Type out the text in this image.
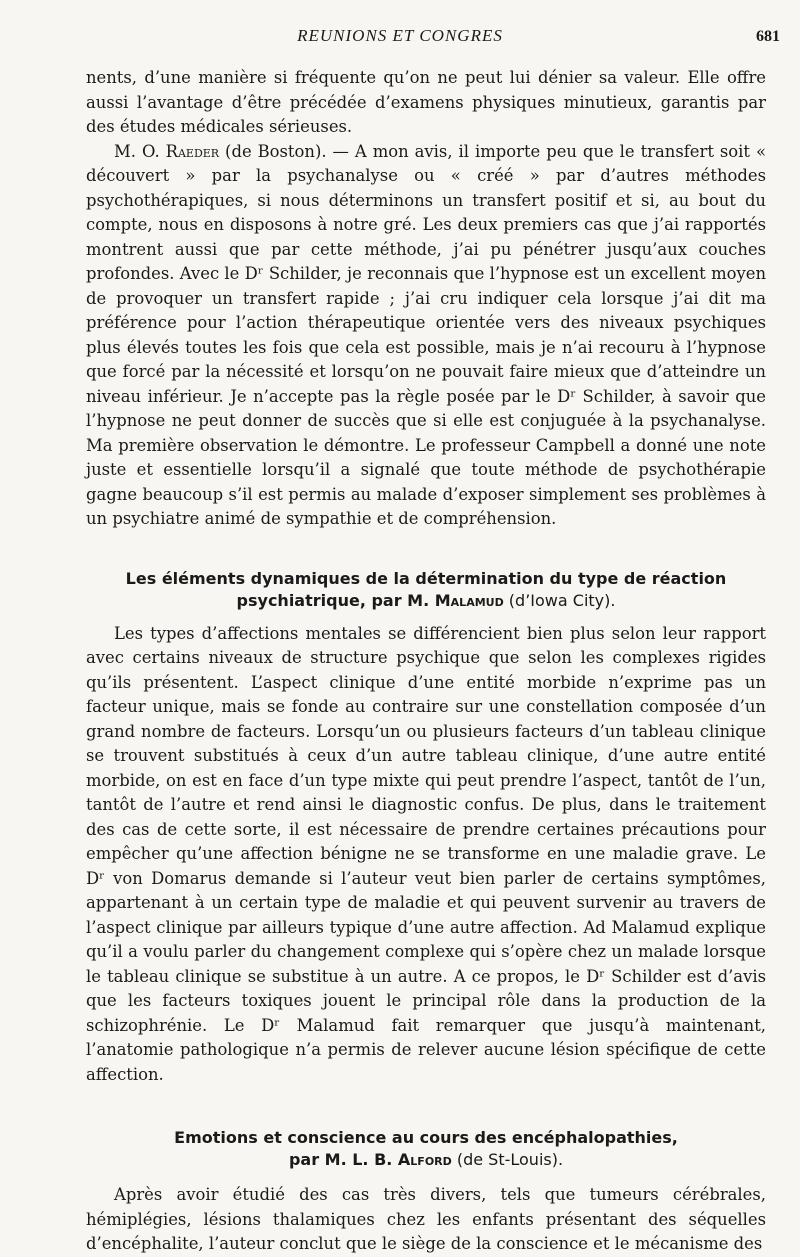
REUNIONS ET CONGRES	681

nents, d’une manière si fréquente qu’on ne peut lui dénier sa valeur. Elle offre aussi l’avantage d’être précédée d’examens physiques minutieux, garantis par des études médicales sérieuses.

M. O. Raeder (de Boston). — A mon avis, il importe peu que le transfert soit « découvert » par la psychanalyse ou « créé » par d’autres méthodes psychothérapiques, si nous déterminons un transfert positif et si, au bout du compte, nous en disposons à notre gré. Les deux premiers cas que j’ai rapportés montrent aussi que par cette méthode, j’ai pu pénétrer jusqu’aux couches profondes. Avec le Dʳ Schilder, je reconnais que l’hypnose est un excellent moyen de provoquer un transfert rapide ; j’ai cru indiquer cela lorsque j’ai dit ma préférence pour l’action thérapeutique orientée vers des niveaux psychiques plus élevés toutes les fois que cela est possible, mais je n’ai recouru à l’hypnose que forcé par la nécessité et lorsqu’on ne pouvait faire mieux que d’atteindre un niveau inférieur. Je n’accepte pas la règle posée par le Dʳ Schilder, à savoir que l’hypnose ne peut donner de succès que si elle est conjuguée à la psychanalyse. Ma première observation le démontre. Le professeur Campbell a donné une note juste et essentielle lorsqu’il a signalé que toute méthode de psychothérapie gagne beaucoup s’il est permis au malade d’exposer simplement ses problèmes à un psychiatre animé de sympathie et de compréhension.

Les éléments dynamiques de la détermination du type de réaction
psychiatrique, par M. Malamud (d’Iowa City).

Les types d’affections mentales se différencient bien plus selon leur rapport avec certains niveaux de structure psychique que selon les complexes rigides qu’ils présentent. L’aspect clinique d’une entité morbide n’exprime pas un facteur unique, mais se fonde au contraire sur une constellation composée d’un grand nombre de facteurs. Lorsqu’un ou plusieurs facteurs d’un tableau clinique se trouvent substitués à ceux d’un autre tableau clinique, d’une autre entité morbide, on est en face d’un type mixte qui peut prendre l’aspect, tantôt de l’un, tantôt de l’autre et rend ainsi le diagnostic confus. De plus, dans le traitement des cas de cette sorte, il est nécessaire de prendre certaines précautions pour empêcher qu’une affection bénigne ne se transforme en une maladie grave. Le Dʳ von Domarus demande si l’auteur veut bien parler de certains symptômes, appartenant à un certain type de maladie et qui peuvent survenir au travers de l’aspect clinique par ailleurs typique d’une autre affection. Ad Malamud explique qu’il a voulu parler du changement complexe qui s’opère chez un malade lorsque le tableau clinique se substitue à un autre. A ce propos, le Dʳ Schilder est d’avis que les facteurs toxiques jouent le principal rôle dans la production de la schizophrénie. Le Dʳ Malamud fait remarquer que jusqu’à maintenant, l’anatomie pathologique n’a permis de relever aucune lésion spécifique de cette affection.

Emotions et conscience au cours des encéphalopathies,
par M. L. B. Alford (de St-Louis).

Après avoir étudié des cas très divers, tels que tumeurs cérébrales, hémiplégies, lésions thalamiques chez les enfants présentant des séquelles d’encéphalite, l’auteur conclut que le siège de la conscience et le mécanisme des
